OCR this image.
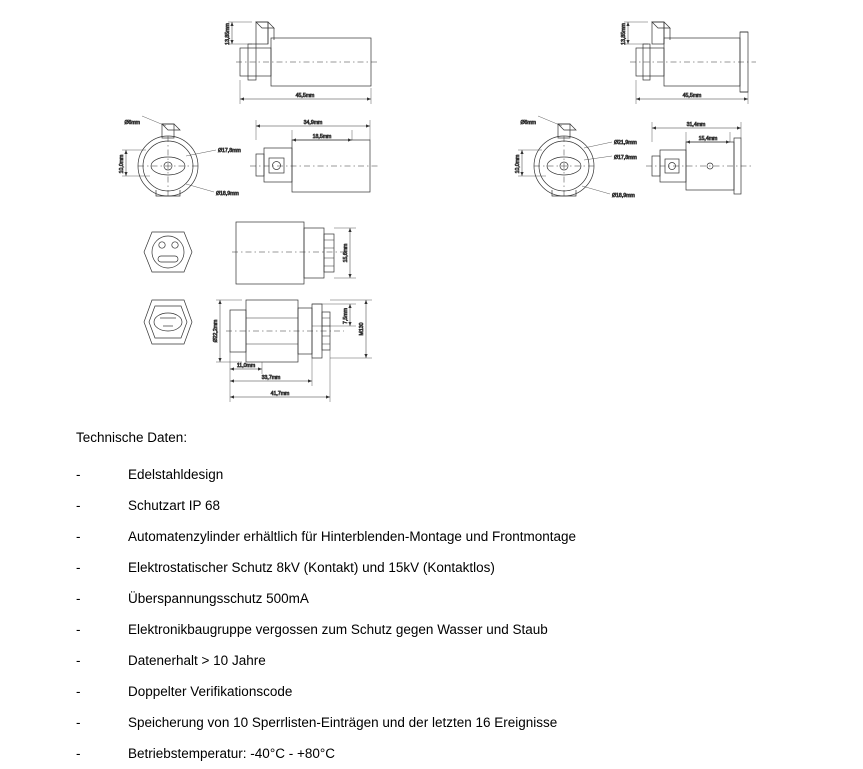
13,85mm
45,5mm
13,85mm
45,5mm
Ø6mm
Ø17,8mm
Ø18,9mm
10,0mm
34,9mm
18,5mm
Ø6mm
Ø21,9mm
Ø17,8mm
Ø18,9mm
10,0mm
31,4mm
15,4mm
15,6mm
Ø22,2mm
7,5mm
M130
11,0mm
33,7mm
41,7mm
Technische Daten:
-	Edelstahldesign
-	Schutzart IP 68
-	Automatenzylinder erhältlich für Hinterblenden-Montage und Frontmontage
-	Elektrostatischer Schutz 8kV (Kontakt) und 15kV (Kontaktlos)
-	Überspannungsschutz 500mA
-	Elektronikbaugruppe vergossen zum Schutz gegen Wasser und Staub
-	Datenerhalt > 10 Jahre
-	Doppelter Verifikationscode
-	Speicherung von 10 Sperrlisten-Einträgen und der letzten 16 Ereignisse
-	Betriebstemperatur: -40°C - +80°C
